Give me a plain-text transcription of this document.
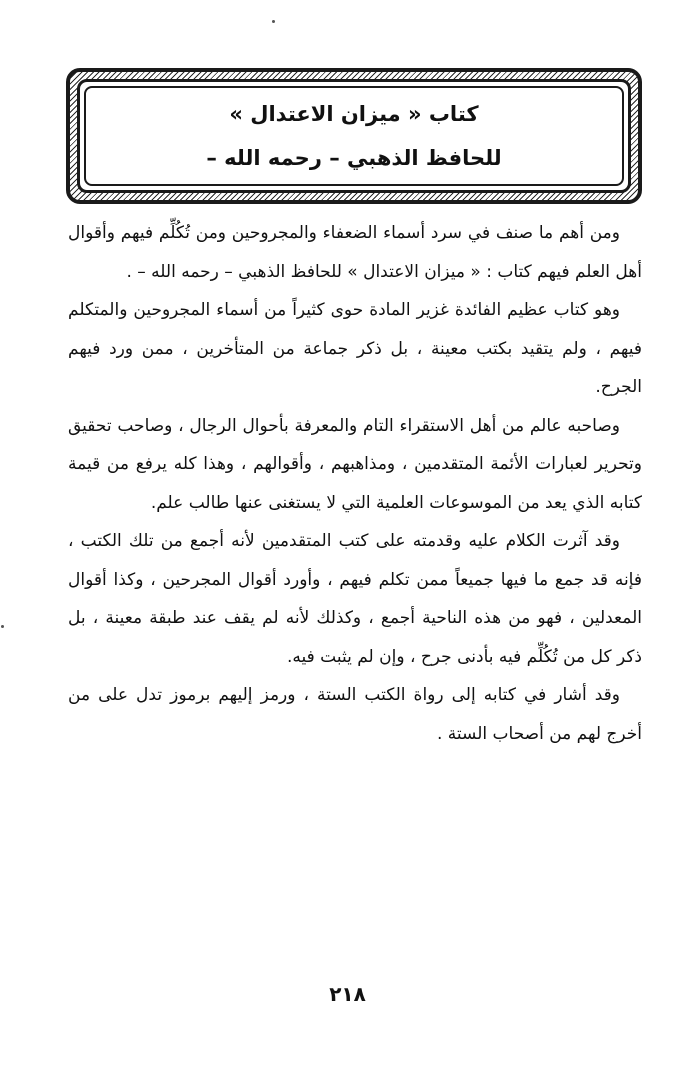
كتاب « ميزان الاعتدال »
للحافظ الذهبي – رحمه الله –

ومن أهم ما صنف في سرد أسماء الضعفاء والمجروحين ومن تُكُلِّم فيهم وأقوال أهل العلم فيهم كتاب : « ميزان الاعتدال » للحافظ الذهبي – رحمه الله – .

وهو كتاب عظيم الفائدة غزير المادة حوى كثيراً من أسماء المجروحين والمتكلم فيهم ، ولم يتقيد بكتب معينة ، بل ذكر جماعة من المتأخرين ، ممن ورد فيهم الجرح.

وصاحبه عالم من أهل الاستقراء التام والمعرفة بأحوال الرجال ، وصاحب تحقيق وتحرير لعبارات الأئمة المتقدمين ، ومذاهبهم ، وأقوالهم ، وهذا كله يرفع من قيمة كتابه الذي يعد من الموسوعات العلمية التي لا يستغنى عنها طالب علم.

وقد آثرت الكلام عليه وقدمته على كتب المتقدمين لأنه أجمع من تلك الكتب ، فإنه قد جمع ما فيها جميعاً ممن تكلم فيهم ، وأورد أقوال المجرحين ، وكذا أقوال المعدلين ، فهو من هذه الناحية أجمع ، وكذلك لأنه لم يقف عند طبقة معينة ، بل ذكر كل من تُكُلِّم فيه بأدنى جرح ، وإن لم يثبت فيه.

وقد أشار في كتابه إلى رواة الكتب الستة ، ورمز إليهم برموز تدل على من أخرج لهم من أصحاب الستة .

٢١٨
